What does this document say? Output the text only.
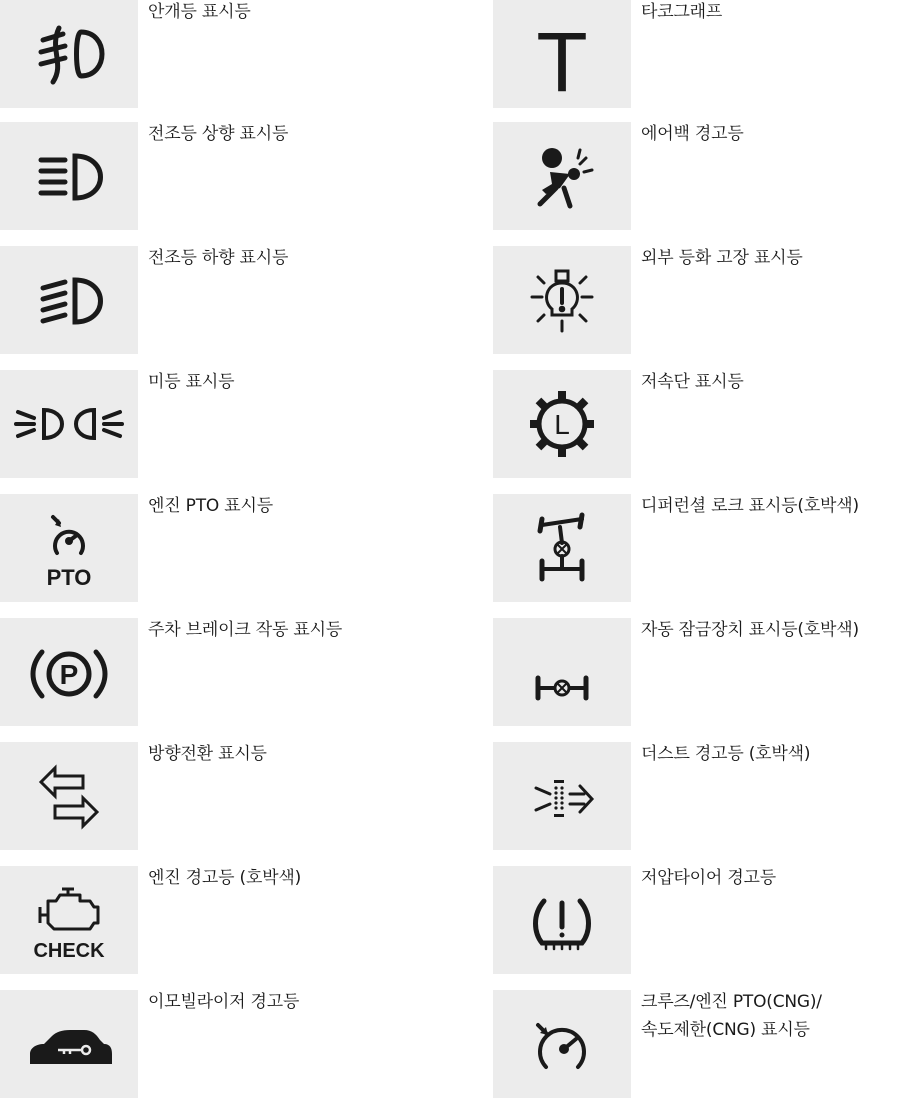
안개등 표시등
전조등 상향 표시등
전조등 하향 표시등
미등 표시등
PTO
엔진 PTO 표시등
P
주차 브레이크 작동 표시등
방향전환 표시등
CHECK
엔진 경고등 (호박색)
이모빌라이저 경고등
T
타코그래프
에어백 경고등
외부 등화 고장 표시등
L
저속단 표시등
디퍼런셜 로크 표시등(호박색)
자동 잠금장치 표시등(호박색)
더스트 경고등 (호박색)
저압타이어 경고등
크루즈/엔진 PTO(CNG)/
속도제한(CNG) 표시등
